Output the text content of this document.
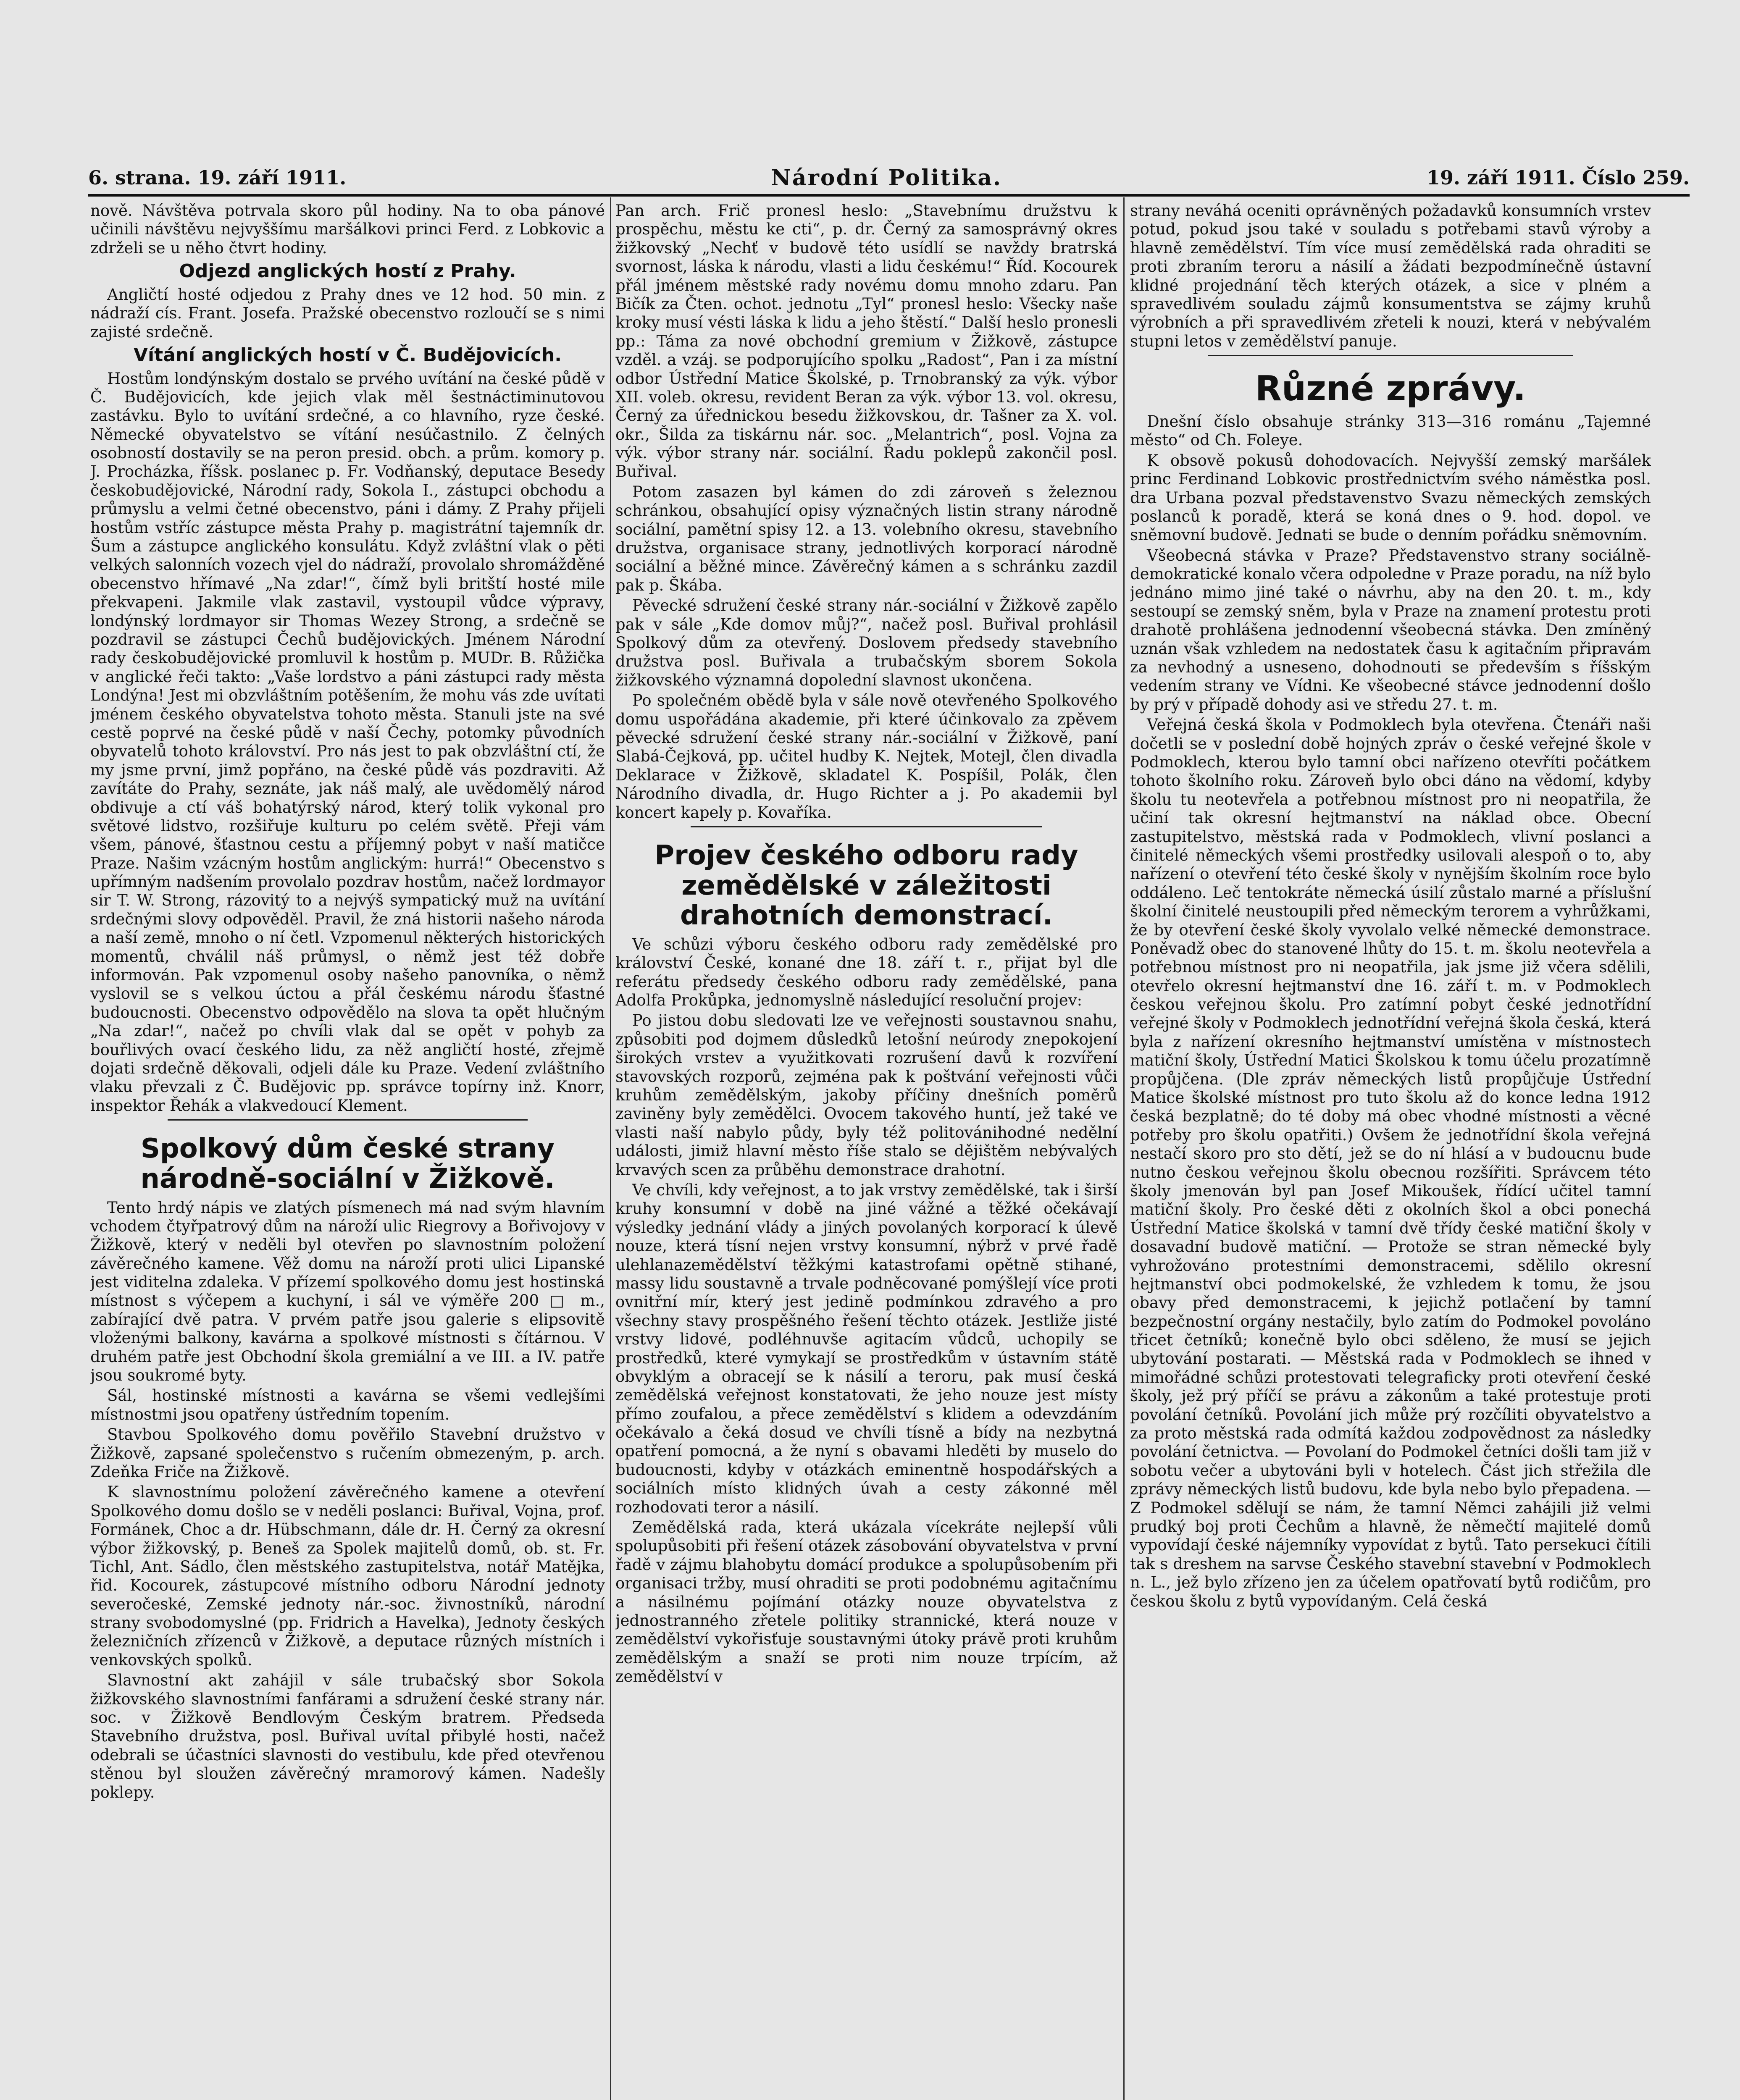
6. strana. 19. září 1911.	Národní Politika.	19. září 1911. Číslo 259.

nově. Návštěva potrvala skoro půl hodiny. Na to oba pánové učinili návštěvu nejvyššímu maršálkovi princi Ferd. z Lobkovic a zdrželi se u něho čtvrt hodiny.

Odjezd anglických hostí z Prahy.

Angličtí hosté odjedou z Prahy dnes ve 12 hod. 50 min. z nádraží cís. Frant. Josefa. Pražské obecenstvo rozloučí se s nimi zajisté srdečně.

Vítání anglických hostí v Č. Budějovicích.

Hostům londýnským dostalo se prvého uvítání na české půdě v Č. Budějovicích, kde jejich vlak měl šestnáctiminutovou zastávku. Bylo to uvítání srdečné, a co hlavního, ryze české. Německé obyvatelstvo se vítání nesúčastnilo. Z čelných osobností dostavily se na peron presid. obch. a prům. komory p. J. Procházka, říšsk. poslanec p. Fr. Vodňanský, deputace Besedy českobudějovické, Národní rady, Sokola I., zástupci obchodu a průmyslu a velmi četné obecenstvo, páni i dámy. Z Prahy přijeli hostům vstříc zástupce města Prahy p. magistrátní tajemník dr. Šum a zástupce anglického konsulátu. Když zvláštní vlak o pěti velkých salonních vozech vjel do nádraží, provolalo shromážděné obecenstvo hřímavé „Na zdar!“, čímž byli britští hosté mile překvapeni. Jakmile vlak zastavil, vystoupil vůdce výpravy, londýnský lordmayor sir Thomas Wezey Strong, a srdečně se pozdravil se zástupci Čechů budějovických. Jménem Národní rady českobudějovické promluvil k hostům p. MUDr. B. Růžička v anglické řeči takto: „Vaše lordstvo a páni zástupci rady města Londýna! Jest mi obzvláštním potěšením, že mohu vás zde uvítati jménem českého obyvatelstva tohoto města. Stanuli jste na své cestě poprvé na české půdě v naší Čechy, potomky původních obyvatelů tohoto království. Pro nás jest to pak obzvláštní ctí, že my jsme první, jimž popřáno, na české půdě vás pozdraviti. Až zavítáte do Prahy, seznáte, jak náš malý, ale uvědomělý národ obdivuje a ctí váš bohatýrský národ, který tolik vykonal pro světové lidstvo, rozšiřuje kulturu po celém světě. Přeji vám všem, pánové, šťastnou cestu a příjemný pobyt v naší matičce Praze. Našim vzácným hostům anglickým: hurrá!“ Obecenstvo s upřímným nadšením provolalo pozdrav hostům, načež lordmayor sir T. W. Strong, rázovitý to a nejvýš sympatický muž na uvítání srdečnými slovy odpověděl. Pravil, že zná historii našeho národa a naší země, mnoho o ní četl. Vzpomenul některých historických momentů, chválil náš průmysl, o němž jest též dobře informován. Pak vzpomenul osoby našeho panovníka, o němž vyslovil se s velkou úctou a přál českému národu šťastné budoucnosti. Obecenstvo odpovědělo na slova ta opět hlučným „Na zdar!“, načež po chvíli vlak dal se opět v pohyb za bouřlivých ovací českého lidu, za něž angličtí hosté, zřejmě dojati srdečně děkovali, odjeli dále ku Praze. Vedení zvláštního vlaku převzali z Č. Budějovic pp. správce topírny inž. Knorr, inspektor Řehák a vlakvedoucí Klement.

Spolkový dům české strany národně-sociální v Žižkově.

Tento hrdý nápis ve zlatých písmenech má nad svým hlavním vchodem čtyřpatrový dům na nároží ulic Riegrovy a Bořivojovy v Žižkově, který v neděli byl otevřen po slavnostním položení závěrečného kamene. Věž domu na nároží proti ulici Lipanské jest viditelna zdaleka. V přízemí spolkového domu jest hostinská místnost s výčepem a kuchyní, i sál ve výměře 200 □ m., zabírající dvě patra. V prvém patře jsou galerie s elipsovitě vloženými balkony, kavárna a spolkové místnosti s čítárnou. V druhém patře jest Obchodní škola gremiální a ve III. a IV. patře jsou soukromé byty.

Sál, hostinské místnosti a kavárna se všemi vedlejšími místnostmi jsou opatřeny ústředním topením.

Stavbou Spolkového domu pověřilo Stavební družstvo v Žižkově, zapsané společenstvo s ručením obmezeným, p. arch. Zdeňka Fričе na Žižkově.

K slavnostnímu položení závěrečného kamene a otevření Spolkového domu došlo se v neděli poslanci: Buřival, Vojna, prof. Formánek, Choc a dr. Hübschmann, dále dr. H. Černý za okresní výbor žižkovský, p. Beneš za Spolek majitelů domů, ob. st. Fr. Tichl, Ant. Sádlo, člen městského zastupitelstva, notář Matějka, řid. Kocourek, zástupcové místního odboru Národní jednoty severočeské, Zemské jednoty nár.-soc. živnostníků, národní strany svobodomyslné (pp. Fridrich a Havelka), Jednoty českých železničních zřízenců v Žižkově, a deputace různých místních i venkovských spolků.

Slavnostní akt zahájil v sále trubačský sbor Sokola žižkovského slavnostními fanfárami a sdružení české strany nár. soc. v Žižkově Bendlovým Českým bratrem. Předseda Stavebního družstva, posl. Buřival uvítal přibylé hosti, načež odebrali se účastníci slavnosti do vestibulu, kde před otevřenou stěnou byl sloužen závěrečný mramorový kámen. Nadešly poklepy.

Pan arch. Frič pronesl heslo: „Stavebnímu družstvu k prospěchu, městu ke cti“, p. dr. Černý za samosprávný okres žižkovský „Nechť v budově této usídlí se navždy bratrská svornost, láska k národu, vlasti a lidu českému!“ Říd. Kocourek přál jménem městské rady novému domu mnoho zdaru. Pan Bičík za Čten. ochot. jednotu „Tyl“ pronesl heslo: Všecky naše kroky musí vésti láska k lidu a jeho štěstí.“ Další heslo pronesli pp.: Táma za nové obchodní gremium v Žižkově, zástupce vzděl. a vzáj. se podporujícího spolku „Radost“, Pan i za místní odbor Ústřední Matice Školské, p. Trnobranský za výk. výbor XII. voleb. okresu, revident Beran za výk. výbor 13. vol. okresu, Černý za úřednickou besedu žižkovskou, dr. Tašner za X. vol. okr., Šilda za tiskárnu nár. soc. „Melantrich“, posl. Vojna za výk. výbor strany nár. sociální. Řadu poklepů zakončil posl. Buřival.

Potom zasazen byl kámen do zdi zároveň s železnou schránkou, obsahující opisy význačných listin strany národně sociální, pamětní spisy 12. a 13. volebního okresu, stavebního družstva, organisace strany, jednotlivých korporací národně sociální a běžné mince. Závěrečný kámen a s schránku zazdil pak p. Škába.

Pěvecké sdružení české strany nár.-sociální v Žižkově zapělo pak v sále „Kde domov můj?“, načež posl. Buřival prohlásil Spolkový dům za otevřený. Doslovem předsedy stavebního družstva posl. Buřivala a trubačským sborem Sokola žižkovského významná dopolední slavnost ukončena.

Po společném obědě byla v sále nově otevřeného Spolkového domu uspořádána akademie, při které účinkovalo za zpěvem pěvecké sdružení české strany nár.-sociální v Žižkově, paní Slabá-Čejková, pp. učitel hudby K. Nejtek, Motejl, člen divadla Deklarace v Žižkově, skladatel K. Pospíšil, Polák, člen Národního divadla, dr. Hugo Richter a j. Po akademii byl koncert kapely p. Kovaříka.

Projev českého odboru rady zemědělské v záležitosti drahotních demonstrací.

Ve schůzi výboru českého odboru rady zemědělské pro království České, konané dne 18. září t. r., přijat byl dle referátu předsedy českého odboru rady zemědělské, pana Adolfa Prokůpka, jednomyslně následující resoluční projev:

Po jistou dobu sledovati lze ve veřejnosti soustavnou snahu, způsobiti pod dojmem důsledků letošní neúrody znepokojení širokých vrstev a využitkovati rozrušení davů k rozvíření stavovských rozporů, zejména pak k poštvání veřejnosti vůči kruhům zemědělským, jakoby příčiny dnešních poměrů zaviněny byly zemědělci. Ovocem takového huntí, jež také ve vlasti naší nabylo půdy, byly též politovánihodné nedělní události, jimiž hlavní město říše stalo se dějištěm nebývalých krvavých scen za průběhu demonstrace drahotní.

Ve chvíli, kdy veřejnost, a to jak vrstvy zemědělské, tak i širší kruhy konsumní v době na jiné vážné a těžké očekávají výsledky jednání vlády a jiných povolaných korporací k úlevě nouze, která tísní nejen vrstvy konsumní, nýbrž v prvé řadě ulehlanazemědělství těžkými katastrofami opětně stihané, massy lidu soustavně a trvale podněcované pomýšlejí více proti ovnitřní mír, který jest jedině podmínkou zdravého a pro všechny stavy prospěšného řešení těchto otázek. Jestliže jisté vrstvy lidové, podléhnuvše agitacím vůdců, uchopily se prostředků, které vymykají se prostředkům v ústavním státě obvyklým a obracejí se k násilí a teroru, pak musí česká zemědělská veřejnost konstatovati, že jeho nouze jest místy přímo zoufalou, a přece zemědělství s klidem a odevzdáním očekávalo a čeká dosud ve chvíli tísně a bídy na nezbytná opatření pomocná, a že nyní s obavami hleděti by muselo do budoucnosti, kdyby v otázkách eminentně hospodářských a sociálních místo klidných úvah a cesty zákonné měl rozhodovati teror a násilí.

Zemědělská rada, která ukázala vícekráte nejlepší vůli spolupůsobiti při řešení otázek zásobování obyvatelstva v první řadě v zájmu blahobytu domácí produkce a spolupůsobením při organisaci tržby, musí ohraditi se proti podobnému agitačnímu a násilnému pojímání otázky nouze obyvatelstva z jednostranného zřetele politiky strannické, která nouze v zemědělství vykořisťuje soustavnými útoky právě proti kruhům zemědělským a snaží se proti nim nouze trpícím, až zemědělství v

strany neváhá oceniti oprávněných požadavků konsumních vrstev potud, pokud jsou také v souladu s potřebami stavů výroby a hlavně zemědělství. Tím více musí zemědělská rada ohraditi se proti zbraním teroru a násilí a žádati bezpodmínečně ústavní klidné projednání těch kterých otázek, a sice v plném a spravedlivém souladu zájmů konsumentstva se zájmy kruhů výrobních a při spravedlivém zřeteli k nouzi, která v nebývalém stupni letos v zemědělství panuje.

Různé zprávy.

Dnešní číslo obsahuje stránky 313—316 románu „Tajemné město“ od Ch. Foleye.

K obsově pokusů dohodovacích. Nejvyšší zemský maršálek princ Ferdinand Lobkovic prostřednictvím svého náměstka posl. dra Urbana pozval představenstvo Svazu německých zemských poslanců k poradě, která se koná dnes o 9. hod. dopol. ve sněmovní budově. Jednati se bude o denním pořádku sněmovním.

Všeobecná stávka v Praze? Představenstvo strany sociálně-demokratické konalo včera odpoledne v Praze poradu, na níž bylo jednáno mimo jiné také o návrhu, aby na den 20. t. m., kdy sestoupí se zemský sněm, byla v Praze na znamení protestu proti drahotě prohlášena jednodenní všeobecná stávka. Den zmíněný uznán však vzhledem na nedostatek času k agitačním připravám za nevhodný a usneseno, dohodnouti se především s říšským vedením strany ve Vídni. Ke všeobecné stávce jednodenní došlo by prý v případě dohody asi ve středu 27. t. m.

Veřejná česká škola v Podmoklech byla otevřena. Čtenáři naši dočetli se v poslední době hojných zpráv o české veřejné škole v Podmoklech, kterou bylo tamní obci nařízeno otevříti počátkem tohoto školního roku. Zároveň bylo obci dáno na vědomí, kdyby školu tu neotevřela a potřebnou místnost pro ni neopatřila, že učiní tak okresní hejtmanství na náklad obce. Obecní zastupitelstvo, městská rada v Podmoklech, vlivní poslanci a činitelé německých všemi prostředky usilovali alespoň o to, aby nařízení o otevření této české školy v nynějším školním roce bylo oddáleno. Leč tentokráte německá úsilí zůstalo marné a příslušní školní činitelé neustoupili před německým terorem a vyhrůžkami, že by otevření české školy vyvolalo velké německé demonstrace. Poněvadž obec do stanovené lhůty do 15. t. m. školu neotevřela a potřebnou místnost pro ni neopatřila, jak jsme již včera sdělili, otevřelo okresní hejtmanství dne 16. září t. m. v Podmoklech českou veřejnou školu. Pro zatímní pobyt české jednotřídní veřejné školy v Podmoklech jednotřídní veřejná škola česká, která byla z nařízení okresního hejtmanství umístěna v místnostech matiční školy, Ústřední Matici Školskou k tomu účelu prozatímně propůjčena. (Dle zpráv německých listů propůjčuje Ústřední Matice školské místnost pro tuto školu až do konce ledna 1912 česká bezplatně; do té doby má obec vhodné místnosti a věcné potřeby pro školu opatřiti.) Ovšem že jednotřídní škola veřejná nestačí skoro pro sto dětí, jež se do ní hlásí a v budoucnu bude nutno českou veřejnou školu obecnou rozšířiti. Správcem této školy jmenován byl pan Josef Mikoušek, řídící učitel tamní matiční školy. Pro české děti z okolních škol a obci ponechá Ústřední Matice školská v tamní dvě třídy české matiční školy v dosavadní budově matiční. — Protože se stran německé byly vyhrožováno protestními demonstracemi, sdělilo okresní hejtmanství obci podmokelské, že vzhledem k tomu, že jsou obavy před demonstracemi, k jejichž potlačení by tamní bezpečnostní orgány nestačily, bylo zatím do Podmokel povoláno třicet četníků; konečně bylo obci sděleno, že musí se jejich ubytování postarati. — Městská rada v Podmoklech se ihned v mimořádné schůzi protestovati telegraficky proti otevření české školy, jež prý příčí se právu a zákonům a také protestuje proti povolání četníků. Povolání jich může prý rozčíliti obyvatelstvo a za proto městská rada odmítá každou zodpovědnost za následky povolání četnictva. — Povolaní do Podmokel četníci došli tam již v sobotu večer a ubytováni byli v hotelech. Část jich střežila dle zprávy německých listů budovu, kde byla nebo bylo přepadena. — Z Podmokel sdělují se nám, že tamní Němci zahájili již velmi prudký boj proti Čechům a hlavně, že němečtí majitelé domů vypovídají české nájemníky vypovídat z bytů. Tato persekuci čítili tak s dreshem na sarvse Českého stavební stavební v Podmoklech n. L., jež bylo zřízeno jen za účelem opatřovatí bytů rodičům, pro českou školu z bytů vypovídaným. Celá česká
